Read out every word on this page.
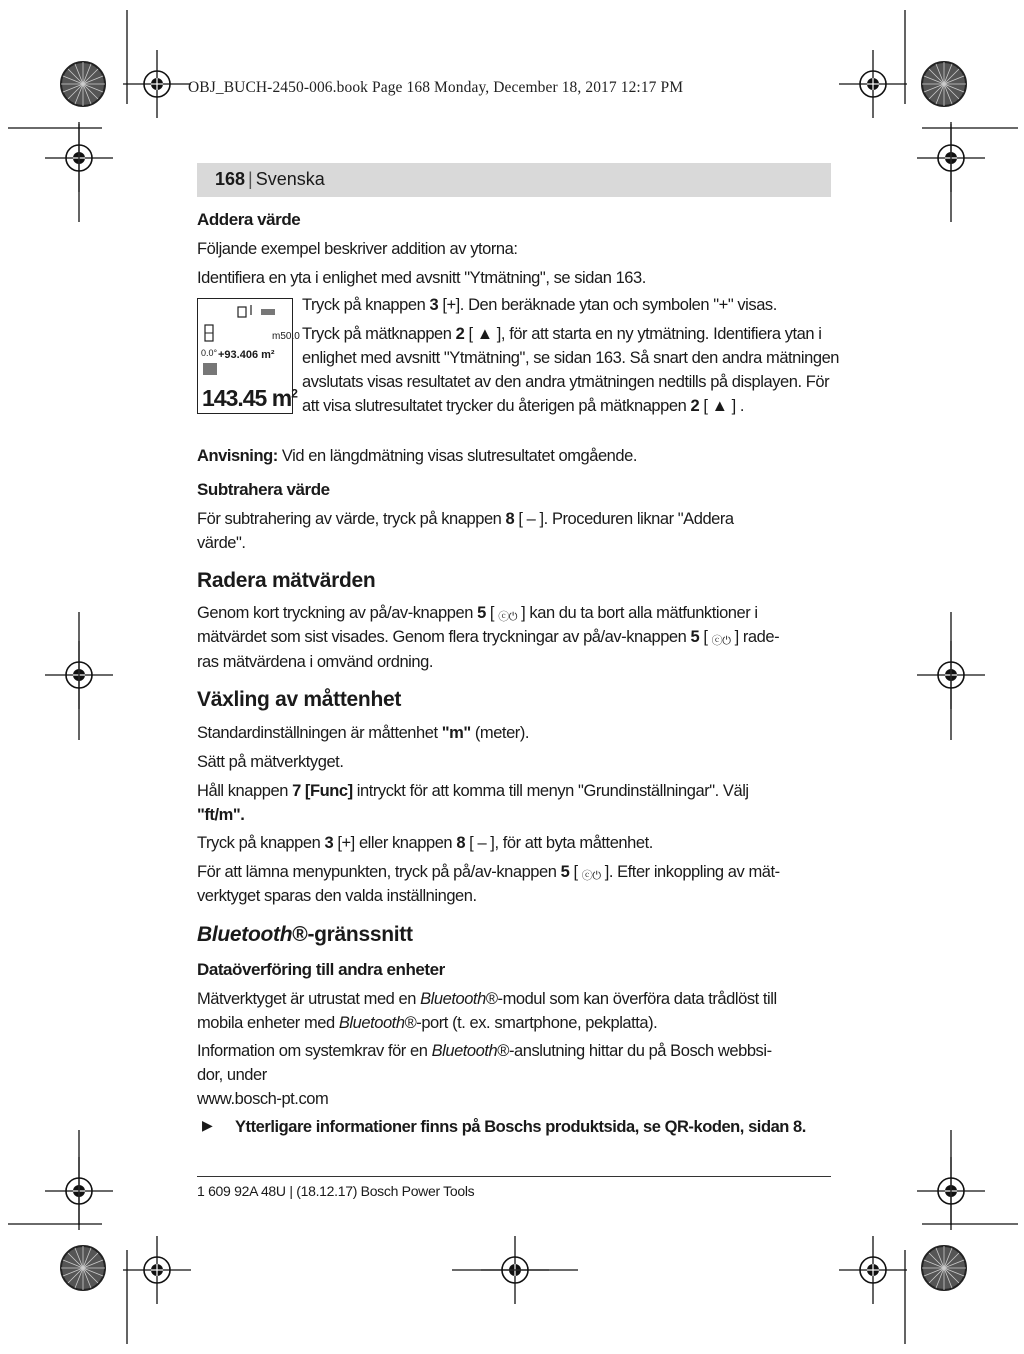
OBJ_BUCH-2450-006.book Page 168 Monday, December 18, 2017 12:17 PM
168 | Svenska
Addera värde
Följande exempel beskriver addition av ytorna:
Identifiera en yta i enlighet med avsnitt "Ytmätning", se sidan 163.
m50.0
0.0° +93.406 m²
143.45 $m^2$
Tryck på knappen 3 [+]. Den beräknade ytan och symbolen "+" visas.
Tryck på mätknappen 2 [ ▲ ], för att starta en ny ytmätning. Identifiera ytan i enlighet med avsnitt "Ytmätning", se sidan 163. Så snart den andra mätningen avslutats visas resultatet av den andra ytmätningen nedtills på displayen. För att visa slutresultatet trycker du återigen på mätknappen 2 [ ▲ ] .
Anvisning: Vid en längdmätning visas slutresultatet omgående.
Subtrahera värde
För subtrahering av värde, tryck på knappen 8 [ – ]. Proceduren liknar "Addera
värde".
Radera mätvärden
Genom kort tryckning av på/av-knappen 5 [ ⓒ⏻ ] kan du ta bort alla mätfunktioner i
mätvärdet som sist visades. Genom flera tryckningar av på/av-knappen 5 [ ⓒ⏻ ] rade-
ras mätvärdena i omvänd ordning.
Växling av måttenhet
Standardinställningen är måttenhet "m" (meter).
Sätt på mätverktyget.
Håll knappen 7 [Func] intryckt för att komma till menyn "Grundinställningar". Välj
"ft/m".
Tryck på knappen 3 [+] eller knappen 8 [ – ], för att byta måttenhet.
För att lämna menypunkten, tryck på på/av-knappen 5 [ ⓒ⏻ ]. Efter inkoppling av mät-
verktyget sparas den valda inställningen.
Bluetooth®-gränssnitt
Dataöverföring till andra enheter
Mätverktyget är utrustat med en Bluetooth®-modul som kan överföra data trådlöst till
mobila enheter med Bluetooth®-port (t. ex. smartphone, pekplatta).
Information om systemkrav för en Bluetooth®-anslutning hittar du på Bosch webbsi-
dor, under
www.bosch-pt.com
▶ Ytterligare informationer finns på Boschs produktsida, se QR-koden, sidan 8.
1 609 92A 48U | (18.12.17) Bosch Power Tools
